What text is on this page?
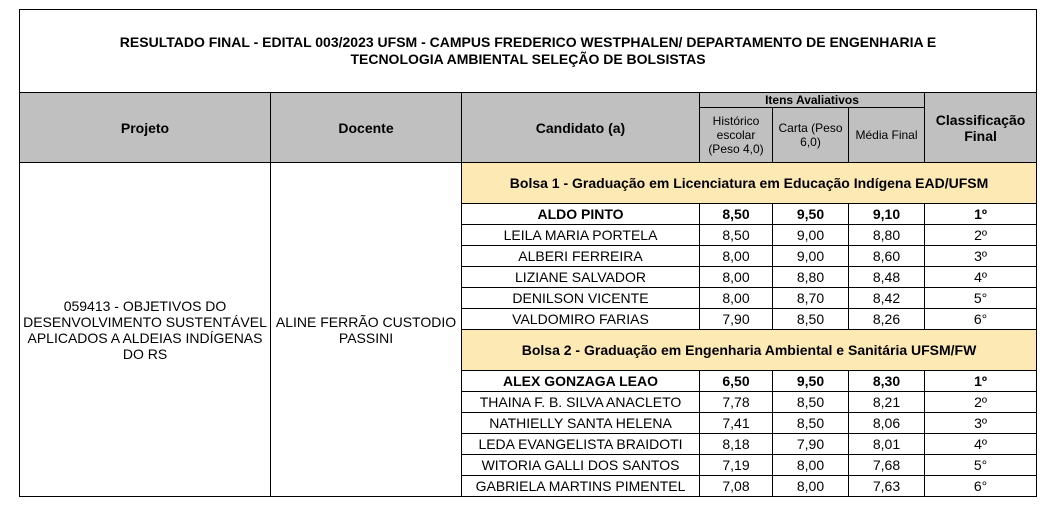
RESULTADO FINAL - EDITAL 003/2023 UFSM - CAMPUS FREDERICO WESTPHALEN/ DEPARTAMENTO DE ENGENHARIA E
TECNOLOGIA AMBIENTAL SELEÇÃO DE BOLSISTAS						

Projeto	Docente	Candidato (a)	Itens Avaliativos			Classificação Final
			Histórico escolar (Peso 4,0)	Carta (Peso 6,0)	Média Final	
059413 - OBJETIVOS DO DESENVOLVIMENTO SUSTENTÁVEL APLICADOS A ALDEIAS INDÍGENAS DO RS	ALINE FERRÃO CUSTODIO PASSINI	Bolsa 1 - Graduação em Licenciatura em Educação Indígena EAD/UFSM				
		ALDO PINTO	8,50	9,50	9,10	1º
		LEILA MARIA PORTELA	8,50	9,00	8,80	2º
		ALBERI FERREIRA	8,00	9,00	8,60	3º
		LIZIANE SALVADOR	8,00	8,80	8,48	4º
		DENILSON VICENTE	8,00	8,70	8,42	5°
		VALDOMIRO FARIAS	7,90	8,50	8,26	6°
		Bolsa 2 - Graduação em Engenharia Ambiental e Sanitária UFSM/FW				
		ALEX GONZAGA LEAO	6,50	9,50	8,30	1º
		THAINA F. B. SILVA ANACLETO	7,78	8,50	8,21	2º
		NATHIELLY SANTA HELENA	7,41	8,50	8,06	3º
		LEDA EVANGELISTA BRAIDOTI	8,18	7,90	8,01	4º
		WITORIA GALLI DOS SANTOS	7,19	8,00	7,68	5°
		GABRIELA MARTINS PIMENTEL	7,08	8,00	7,63	6°
